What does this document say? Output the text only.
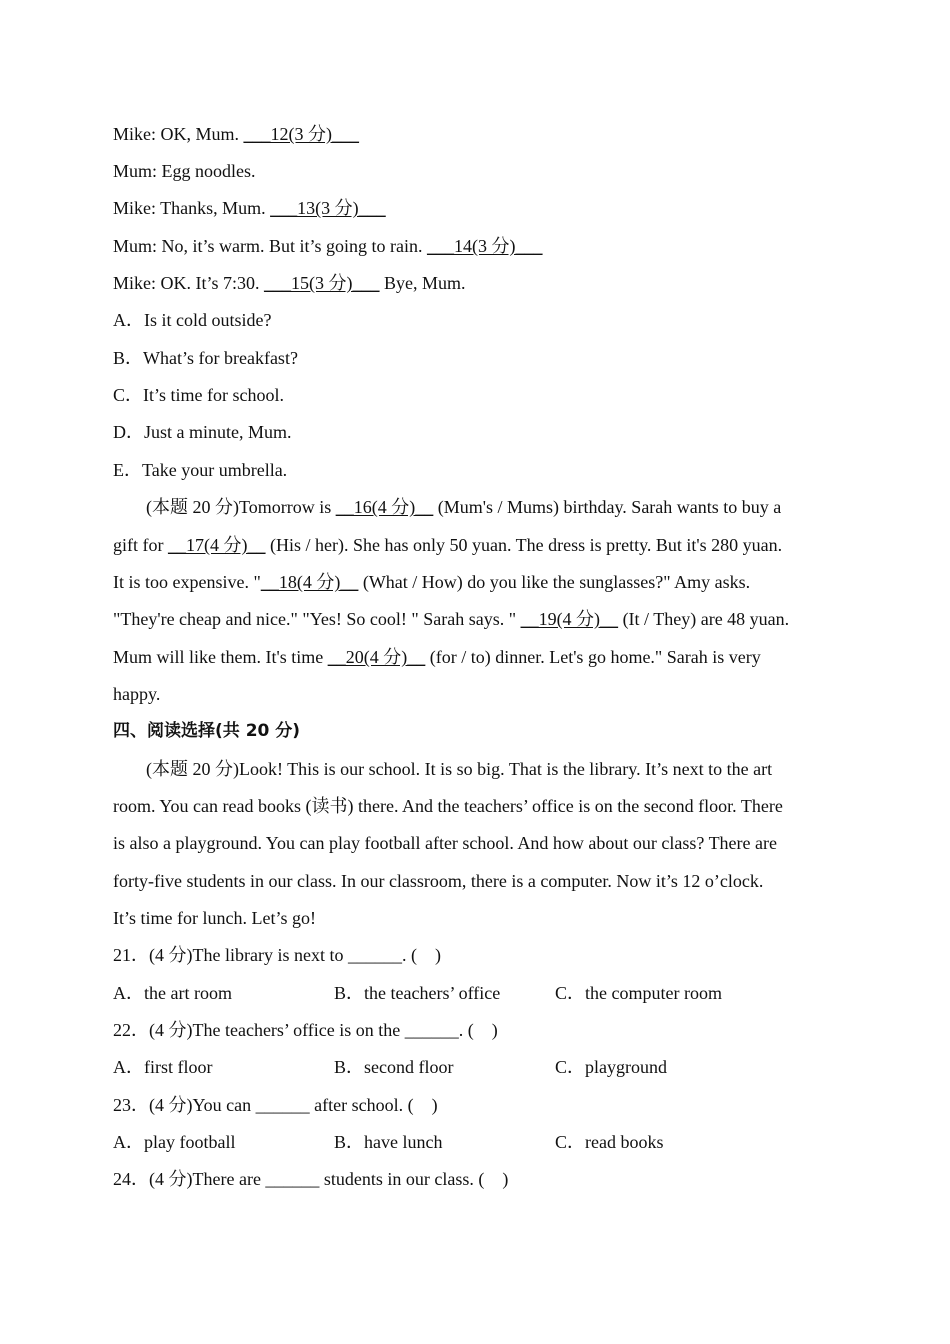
Mike: OK, Mum. ___12(3 分)___
Mum: Egg noodles.
Mike: Thanks, Mum. ___13(3 分)___
Mum: No, it’s warm. But it’s going to rain. ___14(3 分)___
Mike: OK. It’s 7:30. ___15(3 分)___ Bye, Mum.
A．Is it cold outside?
B．What’s for breakfast?
C．It’s time for school.
D．Just a minute, Mum.
E．Take your umbrella.
(本题 20 分)Tomorrow is __16(4 分)__ (Mum's / Mums) birthday. Sarah wants to buy a
gift for __17(4 分)__ (His / her). She has only 50 yuan. The dress is pretty. But it's 280 yuan.
It is too expensive. "__18(4 分)__ (What / How) do you like the sunglasses?" Amy asks.
"They're cheap and nice." "Yes! So cool! " Sarah says. " __19(4 分)__ (It / They) are 48 yuan.
Mum will like them. It's time __20(4 分)__ (for / to) dinner. Let's go home." Sarah is very
happy.
四、阅读选择(共 20 分)
(本题 20 分)Look! This is our school. It is so big. That is the library. It’s next to the art
room. You can read books (读书) there. And the teachers’ office is on the second floor. There
is also a playground. You can play football after school. And how about our class? There are
forty-five students in our class. In our classroom, there is a computer. Now it’s 12 o’clock.
It’s time for lunch. Let’s go!
21．(4 分)The library is next to ______. (　)
A．the art room	B．the teachers’ office	C．the computer room
22．(4 分)The teachers’ office is on the ______. (　)
A．first floor	B．second floor	C．playground
23．(4 分)You can ______ after school. (　)
A．play football	B．have lunch	C．read books
24．(4 分)There are ______ students in our class. (　)
